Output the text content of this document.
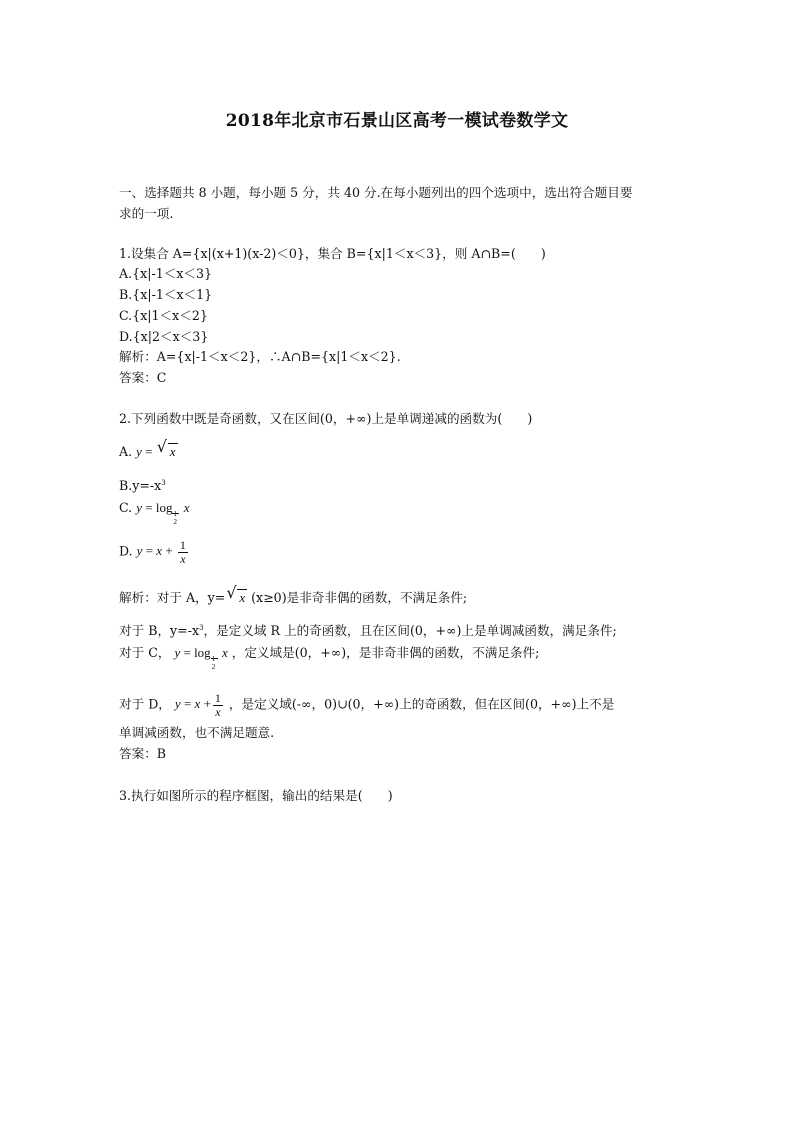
2018年北京市石景山区高考一模试卷数学文
一、选择题共 8 小题，每小题 5 分，共 40 分.在每小题列出的四个选项中，选出符合题目要
求的一项.
1.设集合 A={x|(x+1)(x-2)＜0}，集合 B={x|1＜x＜3}，则 A∩B=(　　)
A.{x|-1＜x＜3}
B.{x|-1＜x＜1}
C.{x|1＜x＜2}
D.{x|2＜x＜3}
解析：A={x|-1＜x＜2}，∴A∩B={x|1＜x＜2}.
答案：C
2.下列函数中既是奇函数，又在区间(0，+∞)上是单调递减的函数为(　　)
A. y = √ x
$B.y=-x^3$
C. y = log 1
2
x
D. $y = x + \frac{1}{x}$
解析：对于 A，y= √ x (x≥0)是非奇非偶的函数，不满足条件;
对于 B，$y=-x^3$，是定义域 R 上的奇函数，且在区间(0，+∞)上是单调减函数，满足条件;
对于 C， y = log 1
2
x ，定义域是(0，+∞)，是非奇非偶的函数，不满足条件;
对于 D， $y = x + \frac{1}{x}$ ，是定义域(-∞，0)∪(0，+∞)上的奇函数，但在区间(0，+∞)上不是
单调减函数，也不满足题意.
答案：B
3.执行如图所示的程序框图，输出的结果是(　　)
